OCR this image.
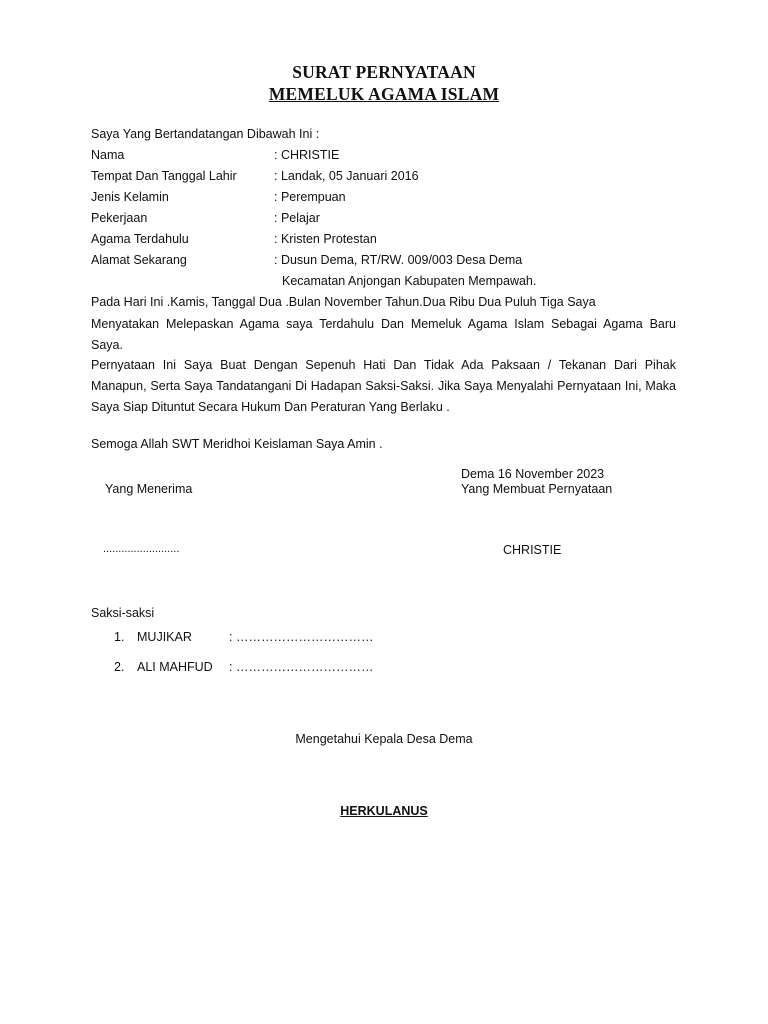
SURAT PERNYATAAN
MEMELUK AGAMA ISLAM
Saya Yang Bertandatangan Dibawah Ini :
Nama	: CHRISTIE
Tempat Dan Tanggal Lahir	: Landak, 05 Januari 2016
Jenis Kelamin	: Perempuan
Pekerjaan	: Pelajar
Agama Terdahulu	: Kristen Protestan
Alamat Sekarang	: Dusun Dema, RT/RW. 009/003 Desa Dema
Kecamatan Anjongan Kabupaten Mempawah.
Pada Hari Ini .Kamis, Tanggal Dua .Bulan November Tahun.Dua Ribu Dua Puluh Tiga Saya
Menyatakan Melepaskan Agama saya Terdahulu Dan Memeluk Agama Islam Sebagai Agama Baru
Saya.
Pernyataan Ini Saya Buat Dengan Sepenuh Hati Dan Tidak Ada Paksaan / Tekanan Dari Pihak
Manapun, Serta Saya Tandatangani Di Hadapan Saksi-Saksi. Jika Saya Menyalahi Pernyataan Ini, Maka
Saya Siap Dituntut Secara Hukum Dan Peraturan Yang Berlaku .
Semoga Allah SWT Meridhoi Keislaman Saya Amin .
Dema 16 November 2023
Yang Menerima	Yang Membuat Pernyataan
.........................	CHRISTIE
Saksi-saksi
1. MUJIKAR	: ……………………………
2. ALI MAHFUD : ……………………………
Mengetahui Kepala Desa Dema
HERKULANUS
